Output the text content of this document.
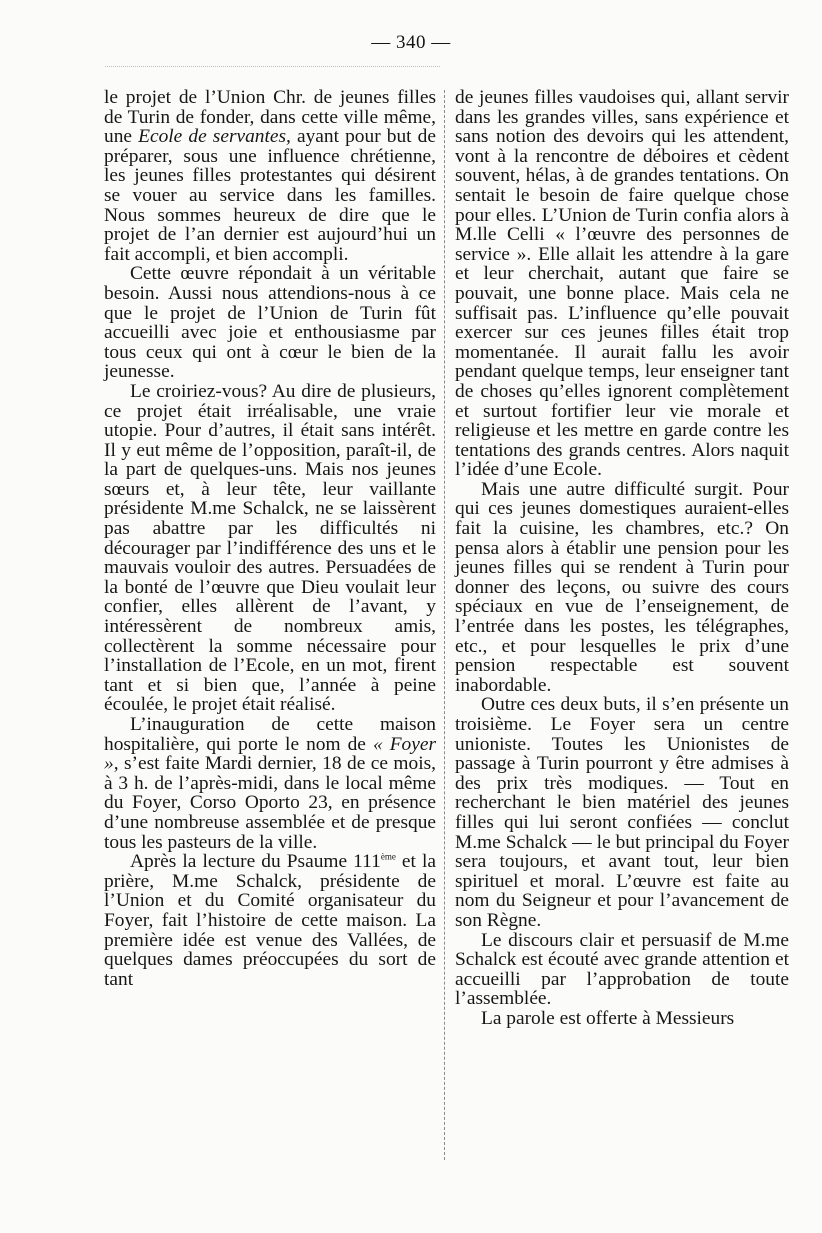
— 340 —

le projet de l’Union Chr. de jeunes filles de Turin de fonder, dans cette ville même, une Ecole de servantes, ayant pour but de préparer, sous une influence chrétienne, les jeunes filles protestantes qui désirent se vouer au service dans les familles. Nous sommes heureux de dire que le projet de l’an dernier est aujourd’hui un fait accompli, et bien accompli.

Cette œuvre répondait à un véritable besoin. Aussi nous attendions-nous à ce que le projet de l’Union de Turin fût accueilli avec joie et enthousiasme par tous ceux qui ont à cœur le bien de la jeunesse.

Le croiriez-vous? Au dire de plusieurs, ce projet était irréalisable, une vraie utopie. Pour d’autres, il était sans intérêt. Il y eut même de l’opposition, paraît-il, de la part de quelques-uns. Mais nos jeunes sœurs et, à leur tête, leur vaillante présidente M.me Schalck, ne se laissèrent pas abattre par les difficultés ni décourager par l’indifférence des uns et le mauvais vouloir des autres. Persuadées de la bonté de l’œuvre que Dieu voulait leur confier, elles allèrent de l’avant, y intéressèrent de nombreux amis, collectèrent la somme nécessaire pour l’installation de l’Ecole, en un mot, firent tant et si bien que, l’année à peine écoulée, le projet était réalisé.

L’inauguration de cette maison hospitalière, qui porte le nom de « Foyer », s’est faite Mardi dernier, 18 de ce mois, à 3 h. de l’après-midi, dans le local même du Foyer, Corso Oporto 23, en présence d’une nombreuse assemblée et de presque tous les pasteurs de la ville.

Après la lecture du Psaume 111ème et la prière, M.me Schalck, présidente de l’Union et du Comité organisateur du Foyer, fait l’histoire de cette maison. La première idée est venue des Vallées, de quelques dames préoccupées du sort de tant

de jeunes filles vaudoises qui, allant servir dans les grandes villes, sans expérience et sans notion des devoirs qui les attendent, vont à la rencontre de déboires et cèdent souvent, hélas, à de grandes tentations. On sentait le besoin de faire quelque chose pour elles. L’Union de Turin confia alors à M.lle Celli « l’œuvre des personnes de service ». Elle allait les attendre à la gare et leur cherchait, autant que faire se pouvait, une bonne place. Mais cela ne suffisait pas. L’influence qu’elle pouvait exercer sur ces jeunes filles était trop momentanée. Il aurait fallu les avoir pendant quelque temps, leur enseigner tant de choses qu’elles ignorent complètement et surtout fortifier leur vie morale et religieuse et les mettre en garde contre les tentations des grands centres. Alors naquit l’idée d’une Ecole.

Mais une autre difficulté surgit. Pour qui ces jeunes domestiques auraient-elles fait la cuisine, les chambres, etc.? On pensa alors à établir une pension pour les jeunes filles qui se rendent à Turin pour donner des leçons, ou suivre des cours spéciaux en vue de l’enseignement, de l’entrée dans les postes, les télégraphes, etc., et pour lesquelles le prix d’une pension respectable est souvent inabordable.

Outre ces deux buts, il s’en présente un troisième. Le Foyer sera un centre unioniste. Toutes les Unionistes de passage à Turin pourront y être admises à des prix très modiques. — Tout en recherchant le bien matériel des jeunes filles qui lui seront confiées — conclut M.me Schalck — le but principal du Foyer sera toujours, et avant tout, leur bien spirituel et moral. L’œuvre est faite au nom du Seigneur et pour l’avancement de son Règne.

Le discours clair et persuasif de M.me Schalck est écouté avec grande attention et accueilli par l’approbation de toute l’assemblée.

La parole est offerte à Messieurs
